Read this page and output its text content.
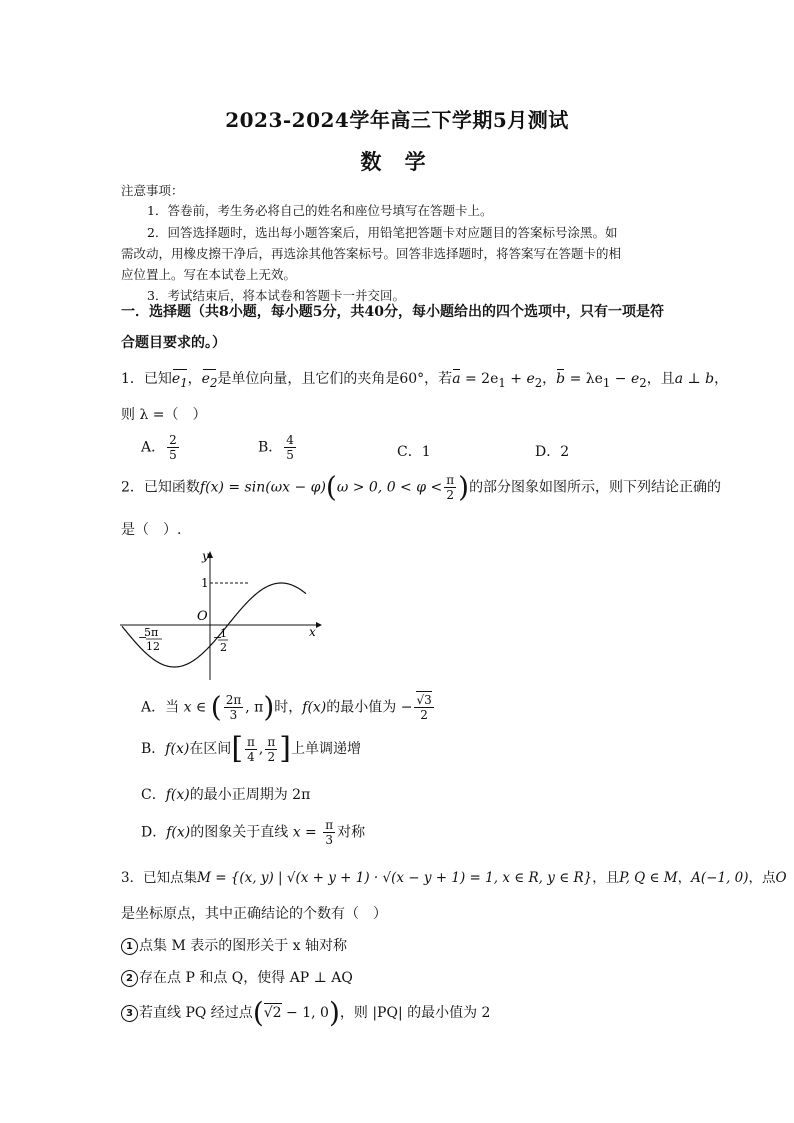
2023-2024学年高三下学期5月测试
数 学
注意事项：
1．答卷前，考生务必将自己的姓名和座位号填写在答题卡上。
2．回答选择题时，选出每小题答案后，用铅笔把答题卡对应题目的答案标号涂黑。如
需改动，用橡皮擦干净后，再选涂其他答案标号。回答非选择题时，将答案写在答题卡的相
应位置上。写在本试卷上无效。
3．考试结束后，将本试卷和答题卡一并交回。
一．选择题（共8小题，每小题5分，共40分，每小题给出的四个选项中，只有一项是符
合题目要求的。）
1．已知$e_1$，$e_2$是单位向量，且它们的夹角是60°，若$a = 2e_1 + e_2$，$b = \lambda e_1 - e_2$，且a ⊥ b，
则 λ =（　）
A． $\frac{2}{5}$	B． $\frac{4}{5}$	C．1	D．2
2．已知函数f(x) = sin(ωx − φ)(ω > 0, $0 < \varphi < \frac{\pi}{2}$ )的部分图象如图所示，则下列结论正确的
是（　）.
y
x
O
1
5π
12
−	1
2
−
A．当 x ∈ ( $\frac{2\pi}{3}$ , π)时，f(x)的最小值为 − $\frac{√3}{2}$
B．f(x)在区间[ $\frac{\pi}{4}$ , $\frac{\pi}{2}$ ]上单调递增
C．f(x)的最小正周期为 2π
D．f(x)的图象关于直线 $x = \frac{\pi}{3}$ 对称
3．已知点集M = {(x, y) | √(x + y + 1) · √(x − y + 1) = 1, x ∈ R, y ∈ R}，且P, Q ∈ M，A(−1, 0)，点O
是坐标原点，其中正确结论的个数有（　）
1 点集 M 表示的图形关于 x 轴对称
2 存在点 P 和点 Q，使得 AP ⊥ AQ
3 若直线 PQ 经过点(√2 − 1, 0)，则 |PQ| 的最小值为 2
